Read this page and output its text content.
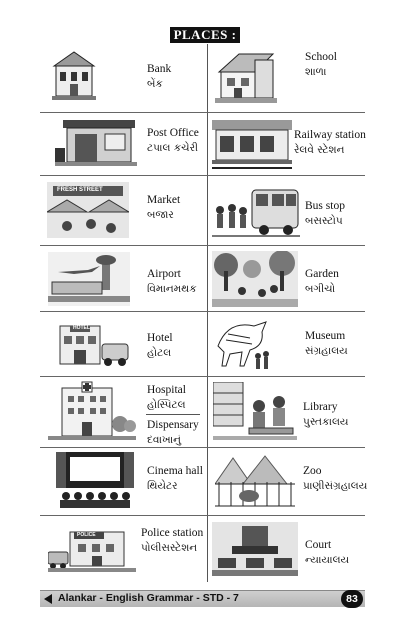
PLACES :
Bank
બેંક
School
શાળા
Post Office
ટપાલ કચેરી
Railway station
રેલવે સ્ટેશન
FRESH STREET
Market
બજાર
Bus stop
બસસ્ટોપ
Airport
વિમાનમથક
Garden
બગીચો
HOTEL
Hotel
હોટલ
Museum
સંગ્રહાલય
Hospital
હોસ્પિટલ
Dispensary
દવાખાનું
Library
પુસ્તકાલય
Cinema hall
થિયેટર
Zoo
પ્રાણીસંગ્રહાલય
POLICE	Police station
પોલીસસ્ટેશન	Court
ન્યાયાલય
Alankar - English Grammar - STD - 7	83
